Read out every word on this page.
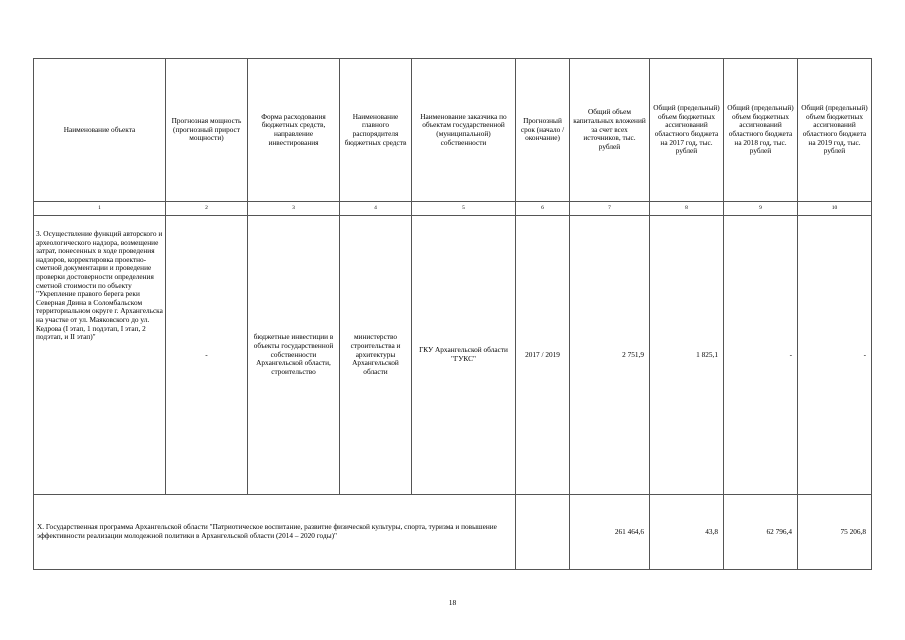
Наименование объекта	Прогнозная мощность (прогнозный прирост мощности)	Форма расходования бюджетных средств, направление инвестирования	Наименование главного распорядителя бюджетных средств	Наименование заказчика по объектам государственной (муниципальной) собственности	Прогнозный срок (начало / окончание)	Общий объем капитальных вложений за счет всех источников, тыс. рублей	Общий (предельный) объем бюджетных ассигнований областного бюджета на 2017 год, тыс. рублей	Общий (предельный) объем бюджетных ассигнований областного бюджета на 2018 год, тыс. рублей	Общий (предельный) объем бюджетных ассигнований областного бюджета на 2019 год, тыс. рублей
1	2	3	4	5	6	7	8	9	10
3. Осуществление функций авторского и археологического надзора, возмещение затрат, понесенных в ходе проведения надзоров, корректировка проектно-сметной документации и проведение проверки достоверности определения сметной стоимости по объекту "Укрепление правого берега реки Северная Двина в Соломбальском территориальном округе г. Архангельска на участке от ул. Маяковского до ул. Кедрова (I этап, 1 подэтап, I этап, 2 подэтап, и II этап)"	-	бюджетные инвестиции в объекты государственной собственности Архангельской области, строительство	министерство строительства и архитектуры Архангельской области	ГКУ Архангельской области "ГУКС"	2017 / 2019	2 751,9	1 825,1	-	-
X. Государственная программа Архангельской области "Патриотическое воспитание, развитие физической культуры, спорта, туризма и повышение эффективности реализации молодежной политики в Архангельской области (2014 – 2020 годы)"						261 464,6	43,8	62 796,4	75 206,8
18
